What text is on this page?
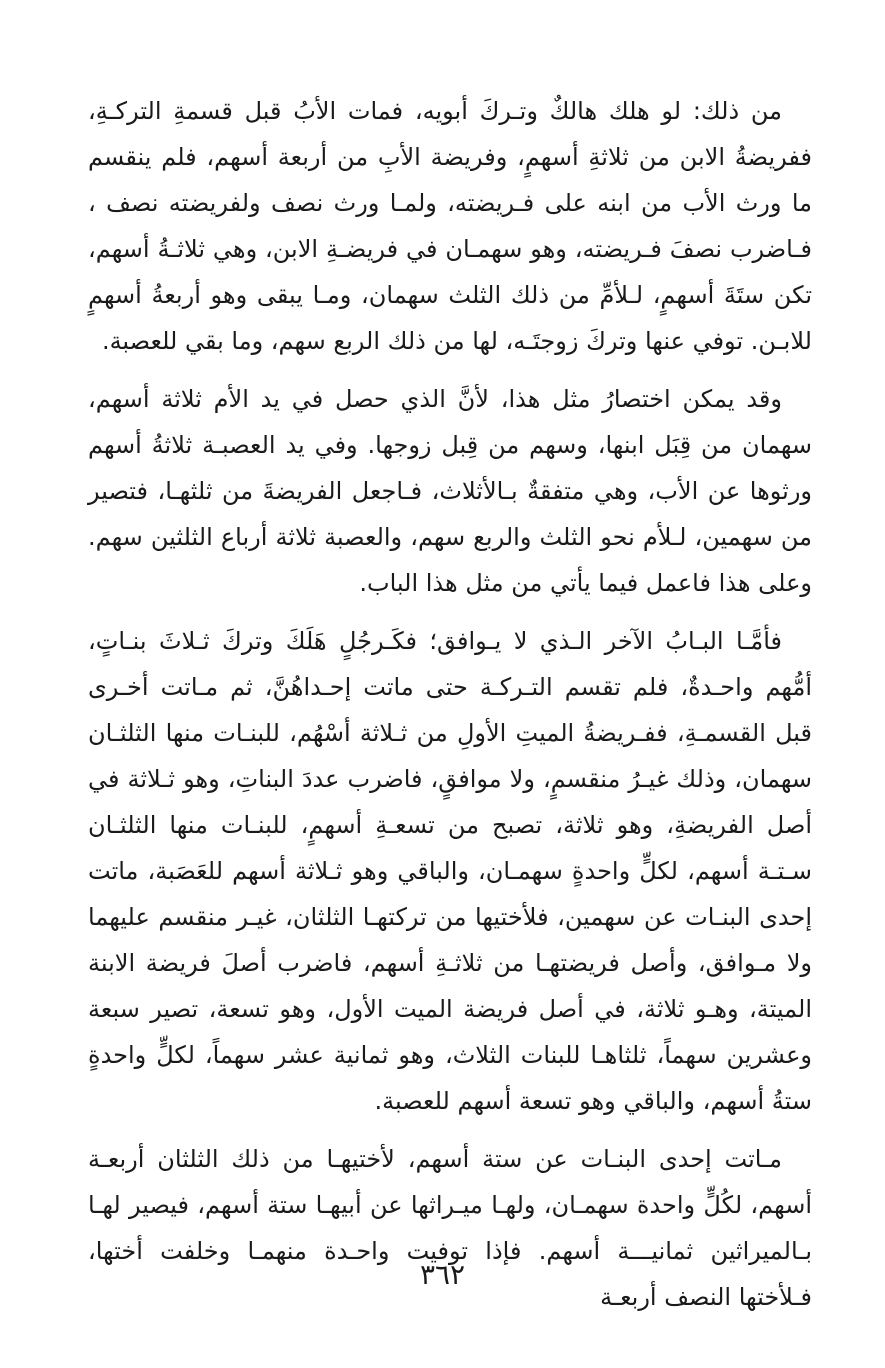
من ذلك: لو هلك هالكٌ وتـركَ أبويه، فمات الأبُ قبل قسمةِ التركـةِ، ففريضةُ الابن من ثلاثةِ أسهمٍ، وفريضة الأبِ من أربعة أسهم، فلم ينقسم ما ورث الأب من ابنه على فـريضته، ولمـا ورث نصف ولفريضته نصف ، فـاضرب نصفَ فـريضته، وهو سهمـان في فريضـةِ الابن، وهي ثلاثـةُ أسهم، تكن ستَةَ أسهمٍ، لـلأمِّ من ذلك الثلث سهمان، ومـا يبقى وهو أربعةُ أسهمٍ للابـن. توفي عنها وتركَ زوجتَـه، لها من ذلك الربع سهم، وما بقي للعصبة.

وقد يمكن اختصارُ مثل هذا، لأنَّ الذي حصل في يد الأم ثلاثة أسهم، سهمان من قِبَل ابنها، وسهم من قِبل زوجها. وفي يد العصبـة ثلاثةُ أسهم ورثوها عن الأب، وهي متفقةٌ بـالأثلاث، فـاجعل الفريضةَ من ثلثهـا، فتصير من سهمين، لـلأم نحو الثلث والربع سهم، والعصبة ثلاثة أرباع الثلثين سهم. وعلى هذا فاعمل فيما يأتي من مثل هذا الباب.

فأمَّـا البـابُ الآخر الـذي لا يـوافق؛ فكَـرجُلٍ هَلَكَ وتركَ ثـلاثَ بنـاتٍ، أمُّهم واحـدةٌ، فلم تقسم التـركـة حتى ماتت إحـداهُنَّ، ثم مـاتت أخـرى قبل القسمـةِ، ففـريضةُ الميتِ الأولِ من ثـلاثة أسْهُم، للبنـات منها الثلثـان سهمان، وذلك غيـرُ منقسمٍ، ولا موافقٍ، فاضرب عددَ البناتِ، وهو ثـلاثة في أصل الفريضةِ، وهو ثلاثة، تصبح من تسعـةِ أسهمٍ، للبنـات منها الثلثـان سـتـة أسهم، لكلٍّ واحدةٍ سهمـان، والباقي وهو ثـلاثة أسهم للعَصَبة، ماتت إحدى البنـات عن سهمين، فلأختيها من تركتهـا الثلثان، غيـر منقسم عليهما ولا مـوافق، وأصل فريضتهـا من ثلاثـةِ أسهم، فاضرب أصلَ فريضة الابنة الميتة، وهـو ثلاثة، في أصل فريضة الميت الأول، وهو تسعة، تصير سبعة وعشرين سهماً، ثلثاهـا للبنات الثلاث، وهو ثمانية عشر سهماً، لكلٍّ واحدةٍ ستةُ أسهم، والباقي وهو تسعة أسهم للعصبة.

مـاتت إحدى البنـات عن ستة أسهم، لأختيهـا من ذلك الثلثان أربعـة أسهم، لكُلٍّ واحدة سهمـان، ولهـا ميـراثها عن أبيهـا ستة أسهم، فيصير لهـا بـالميراثين ثمانيـــة أسهم. فإذا توفيت واحـدة منهمـا وخلفت أختها، فـلأختها النصف أربعـة

٣٦٢
